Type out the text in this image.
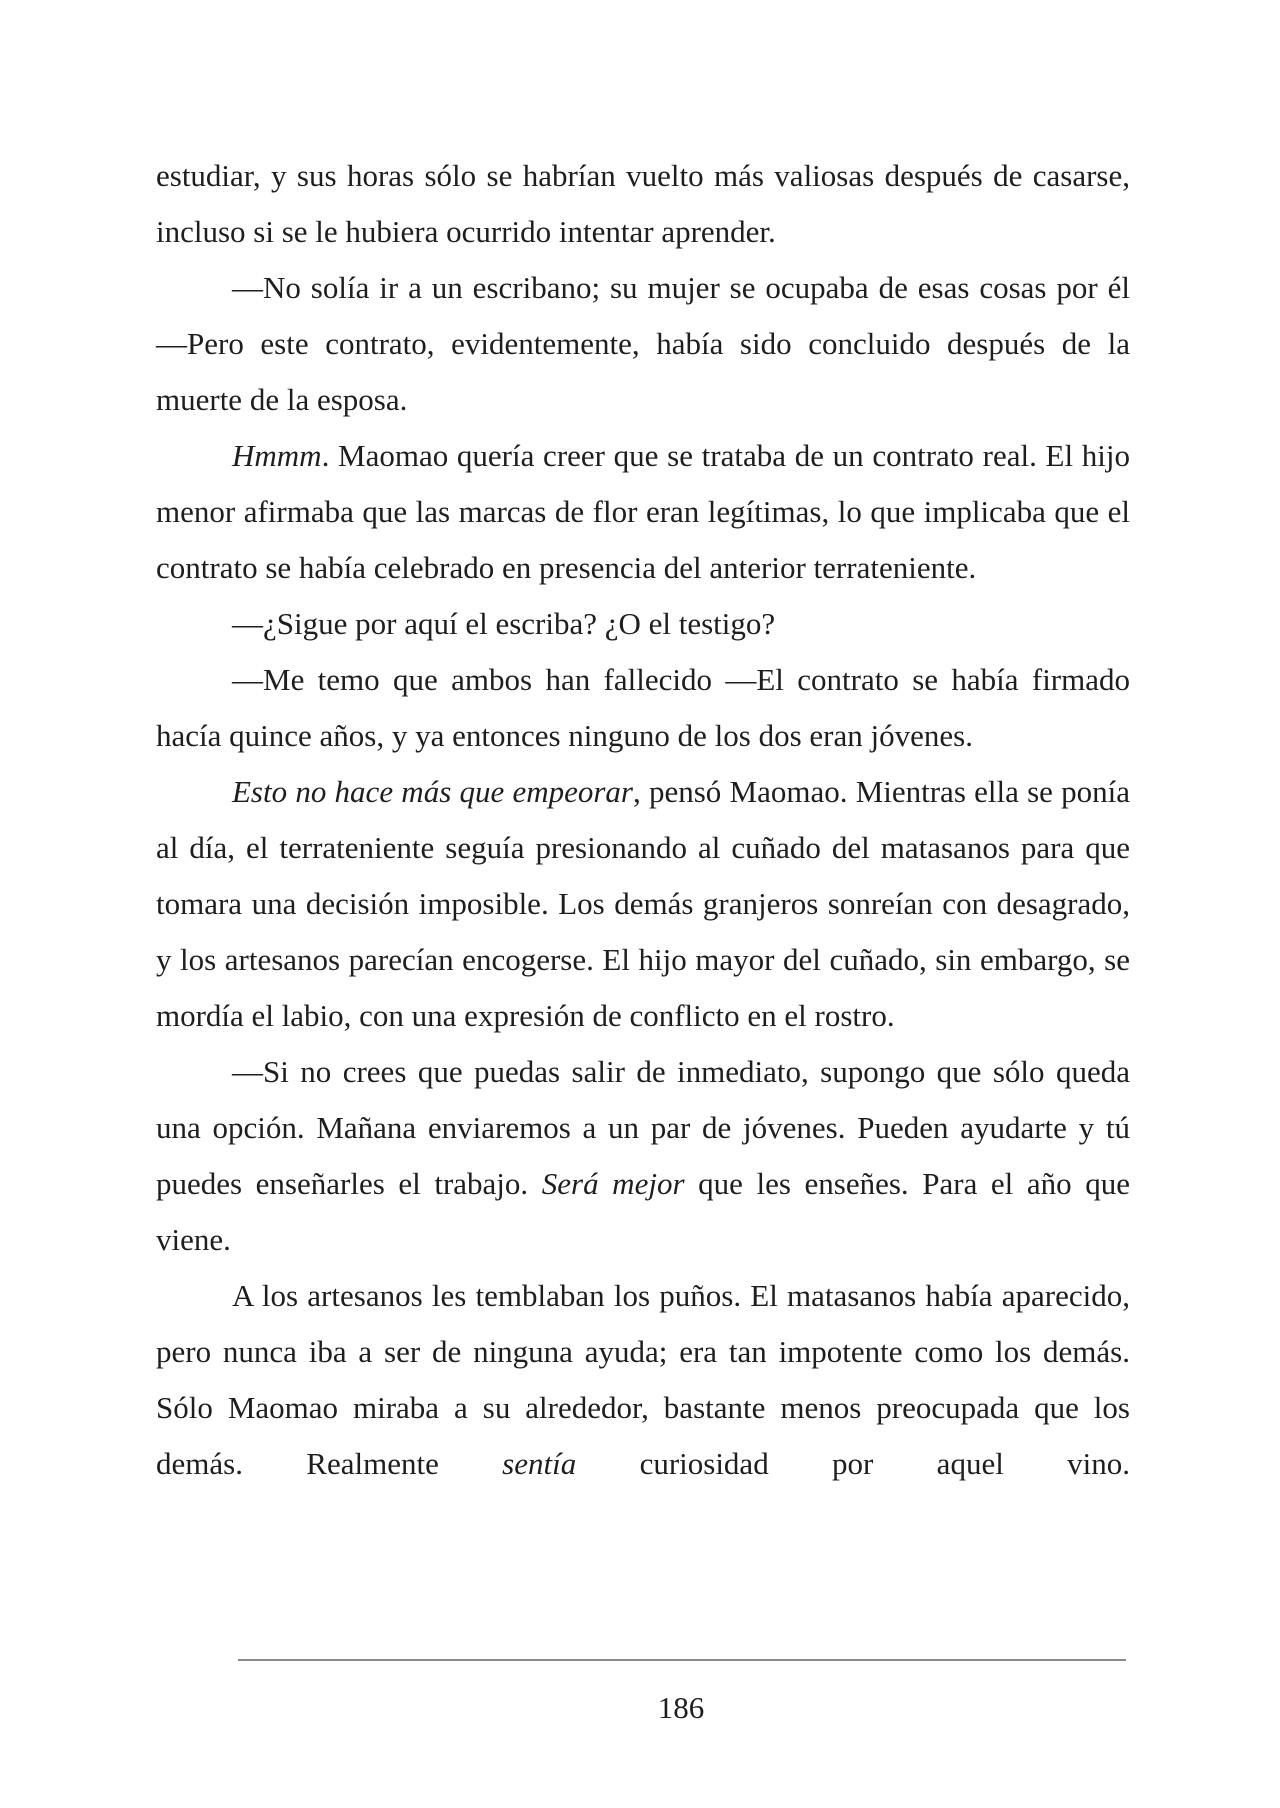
estudiar, y sus horas sólo se habrían vuelto más valiosas después de casarse, incluso si se le hubiera ocurrido intentar aprender.

—No solía ir a un escribano; su mujer se ocupaba de esas cosas por él —Pero este contrato, evidentemente, había sido concluido después de la muerte de la esposa.

Hmmm. Maomao quería creer que se trataba de un contrato real. El hijo menor afirmaba que las marcas de flor eran legítimas, lo que implicaba que el contrato se había celebrado en presencia del anterior terrateniente.

—¿Sigue por aquí el escriba? ¿O el testigo?

—Me temo que ambos han fallecido —El contrato se había firmado hacía quince años, y ya entonces ninguno de los dos eran jóvenes.

Esto no hace más que empeorar, pensó Maomao. Mientras ella se ponía al día, el terrateniente seguía presionando al cuñado del matasanos para que tomara una decisión imposible. Los demás granjeros sonreían con desagrado, y los artesanos parecían encogerse. El hijo mayor del cuñado, sin embargo, se mordía el labio, con una expresión de conflicto en el rostro.

—Si no crees que puedas salir de inmediato, supongo que sólo queda una opción. Mañana enviaremos a un par de jóvenes. Pueden ayudarte y tú puedes enseñarles el trabajo. Será mejor que les enseñes. Para el año que viene.

A los artesanos les temblaban los puños. El matasanos había aparecido, pero nunca iba a ser de ninguna ayuda; era tan impotente como los demás. Sólo Maomao miraba a su alrededor, bastante menos preocupada que los demás. Realmente sentía curiosidad por aquel vino.

186
